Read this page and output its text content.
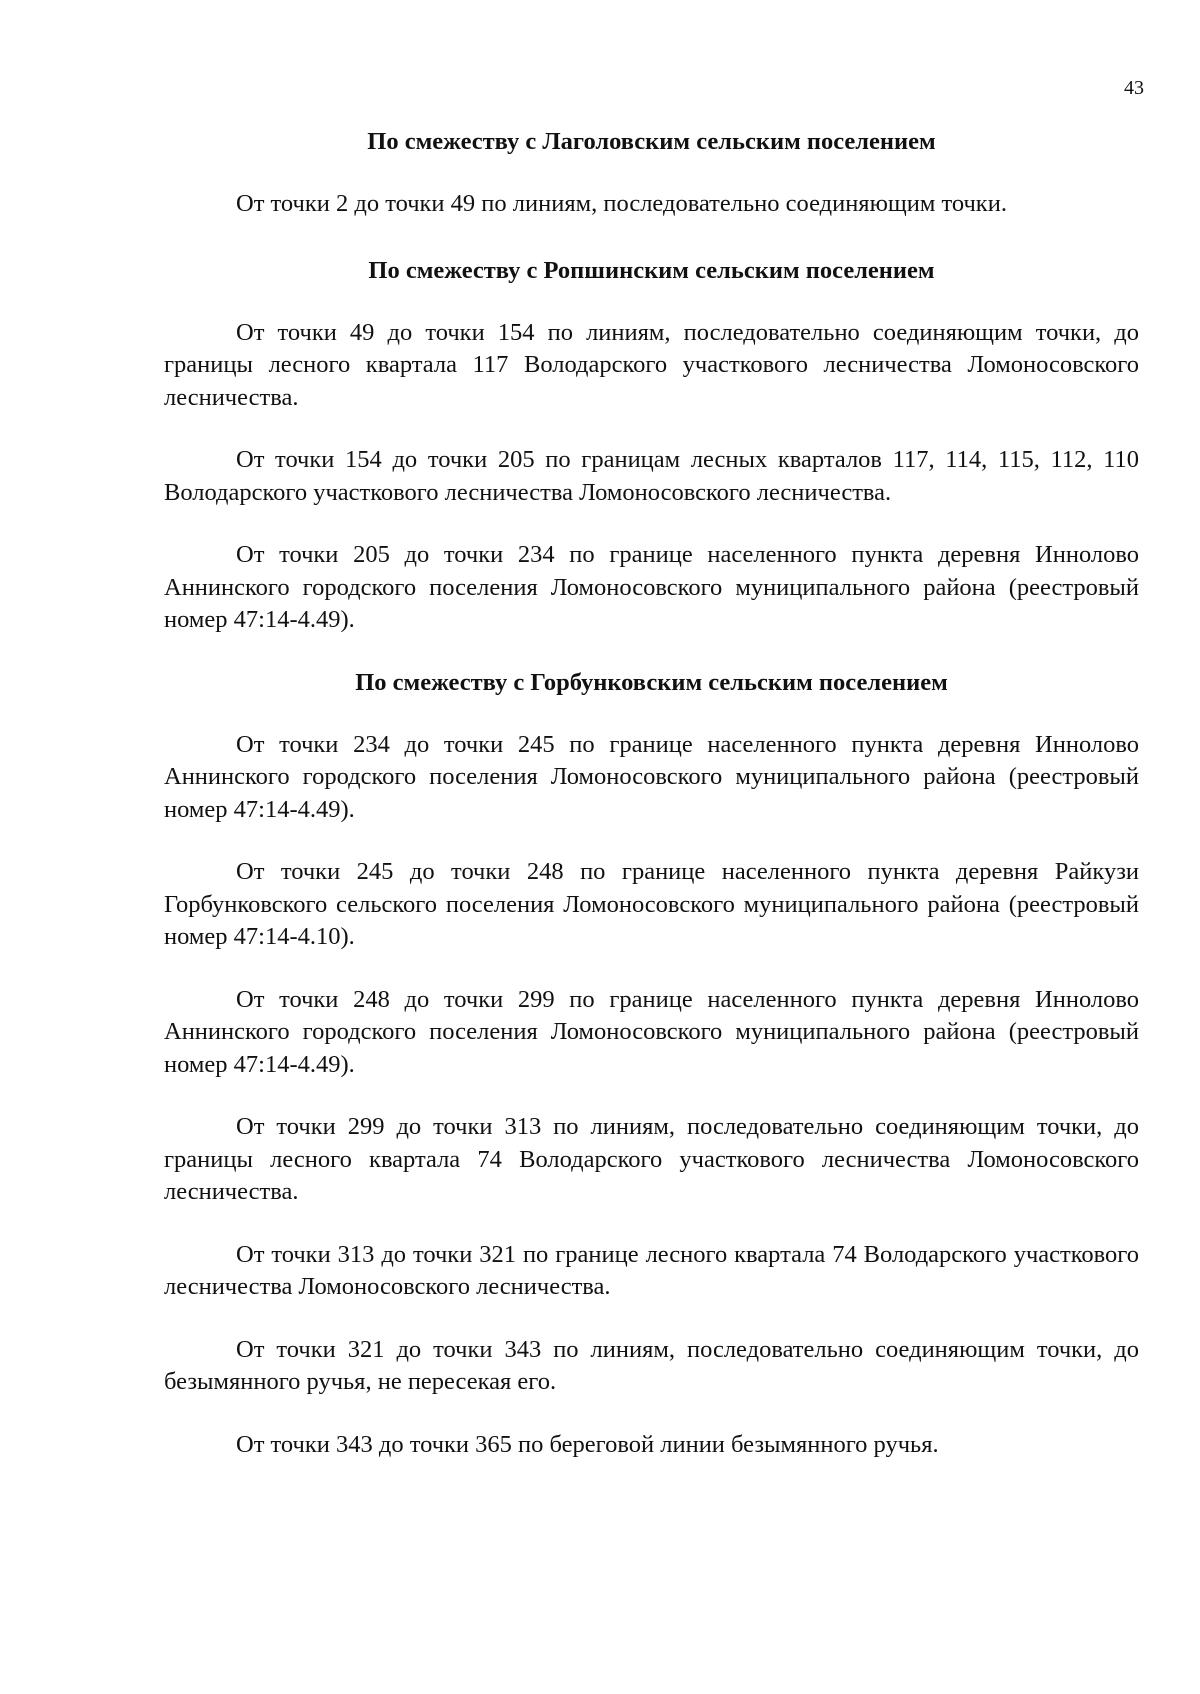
43
По смежеству с Лаголовским сельским поселением

От точки 2 до точки 49 по линиям, последовательно соединяющим точки.

По смежеству с Ропшинским сельским поселением

От точки 49 до точки 154 по линиям, последовательно соединяющим точки, до границы лесного квартала 117 Володарского участкового лесничества Ломоносовского лесничества.

От точки 154 до точки 205 по границам лесных кварталов 117, 114, 115, 112, 110 Володарского участкового лесничества Ломоносовского лесничества.

От точки 205 до точки 234 по границе населенного пункта деревня Иннолово Аннинского городского поселения Ломоносовского муниципального района (реестровый номер 47:14-4.49).

По смежеству с Горбунковским сельским поселением

От точки 234 до точки 245 по границе населенного пункта деревня Иннолово Аннинского городского поселения Ломоносовского муниципального района (реестровый номер 47:14-4.49).

От точки 245 до точки 248 по границе населенного пункта деревня Райкузи Горбунковского сельского поселения Ломоносовского муниципального района (реестровый номер 47:14-4.10).

От точки 248 до точки 299 по границе населенного пункта деревня Иннолово Аннинского городского поселения Ломоносовского муниципального района (реестровый номер 47:14-4.49).

От точки 299 до точки 313 по линиям, последовательно соединяющим точки, до границы лесного квартала 74 Володарского участкового лесничества Ломоносовского лесничества.

От точки 313 до точки 321 по границе лесного квартала 74 Володарского участкового лесничества Ломоносовского лесничества.

От точки 321 до точки 343 по линиям, последовательно соединяющим точки, до безымянного ручья, не пересекая его.

От точки 343 до точки 365 по береговой линии безымянного ручья.
